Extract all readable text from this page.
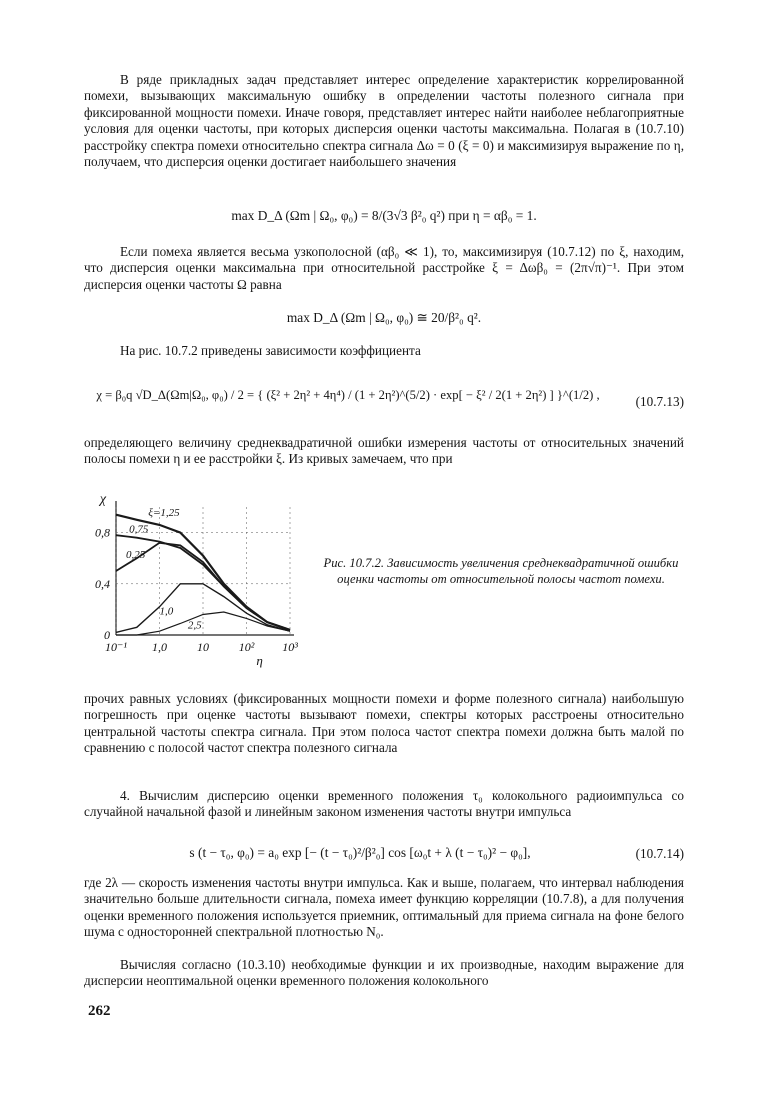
В ряде прикладных задач представляет интерес определение характеристик коррелированной помехи, вызывающих максимальную ошибку в определении частоты полезного сигнала при фиксированной мощности помехи. Иначе говоря, представляет интерес найти наиболее неблагоприятные условия для оценки частоты, при которых дисперсия оценки частоты максимальна. Полагая в (10.7.10) расстройку спектра помехи относительно спектра сигнала Δω = 0 (ξ = 0) и максимизируя выражение по η, получаем, что дисперсия оценки достигает наибольшего значения

max D_Δ (Ωm | Ω₀, φ₀) = 8/(3√3 β²₀ q²) при η = αβ₀ = 1.

Если помеха является весьма узкополосной (αβ₀ ≪ 1), то, максимизируя (10.7.12) по ξ, находим, что дисперсия оценки максимальна при относительной расстройке ξ = Δωβ₀ = (2π√π)⁻¹. При этом дисперсия оценки частоты Ω равна

max D_Δ (Ωm | Ω₀, φ₀) ≅ 20/β²₀ q².

На рис. 10.7.2 приведены зависимости коэффициента

χ = β₀q √D_Δ(Ωm|Ω₀, φ₀) / 2 = { (ξ² + 2η² + 4η⁴) / (1 + 2η²)^(5/2) · exp[ − ξ² / 2(1 + 2η²) ] }^(1/2) ,	(10.7.13)

определяющего величину среднеквадратичной ошибки измерения частоты от относительных значений полосы помехи η и ее расстройки ξ. Из кривых замечаем, что при

10⁻¹ 1,0	10 10² 10³
0
0,4
0,8
χ
η
ξ=1,25
0,75
0,25
1,0
2,5
Рис. 10.7.2. Зависимость увеличения среднеквадратичной ошибки оценки частоты от относительной полосы частот помехи.

прочих равных условиях (фиксированных мощности помехи и форме полезного сигнала) наибольшую погрешность при оценке частоты вызывают помехи, спектры которых расстроены относительно центральной частоты спектра сигнала. При этом полоса частот спектра помехи должна быть малой по сравнению с полосой частот спектра полезного сигнала

4. Вычислим дисперсию оценки временного положения τ₀ колокольного радиоимпульса со случайной начальной фазой и линейным законом изменения частоты внутри импульса

s (t − τ₀, φ₀) = a₀ exp [− (t − τ₀)²/β²₀] cos [ω₀t + λ (t − τ₀)² − φ₀],	(10.7.14)

где 2λ — скорость изменения частоты внутри импульса. Как и выше, полагаем, что интервал наблюдения значительно больше длительности сигнала, помеха имеет функцию корреляции (10.7.8), а для получения оценки временного положения используется приемник, оптимальный для приема сигнала на фоне белого шума с односторонней спектральной плотностью N₀.

Вычисляя согласно (10.3.10) необходимые функции и их производные, находим выражение для дисперсии неоптимальной оценки временного положения колокольного

262
